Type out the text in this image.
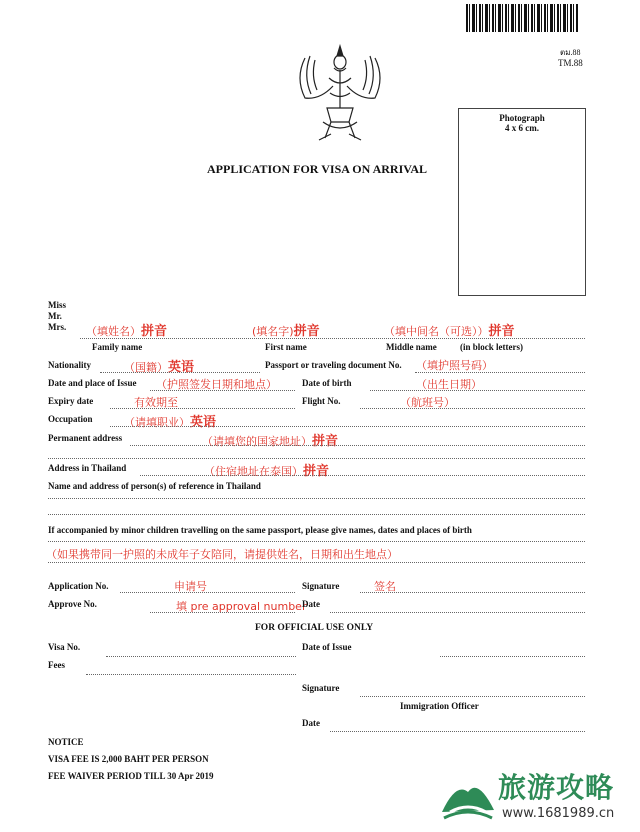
ตม.88
TM.88
APPLICATION FOR VISA ON ARRIVAL
Photograph
4 x 6 cm.
Miss
Mr.
Mrs. （填姓名）拼音	(填名字)拼音	（填中间名（可选））拼音
Family name	First name	Middle name	(in block letters)
Nationality	（国籍）英语	Passport or traveling document No. （填护照号码）
Date and place of Issue （护照签发日期和地点）	Date of birth	（出生日期）
Expiry date	有效期至	Flight No.	（航班号）
Occupation	（请填职业）英语
Permanent address	（请填您的国家地址）拼音
Address in Thailand	（住宿地址在泰国）拼音
Name and address of person(s) of reference in Thailand
If accompanied by minor children travelling on the same passport, please give names, dates and places of birth
（如果携带同一护照的未成年子女陪同，请提供姓名，日期和出生地点）
Application No.	申请号	Signature	签名
Approve No.	填 pre approval number
Date
FOR OFFICIAL USE ONLY
Visa No.	Date of Issue
Fees
Signature
Immigration Officer
Date
NOTICE
VISA FEE IS 2,000 BAHT PER PERSON
FEE WAIVER PERIOD TILL 30 Apr 2019	旅游攻略
www.1681989.cn
